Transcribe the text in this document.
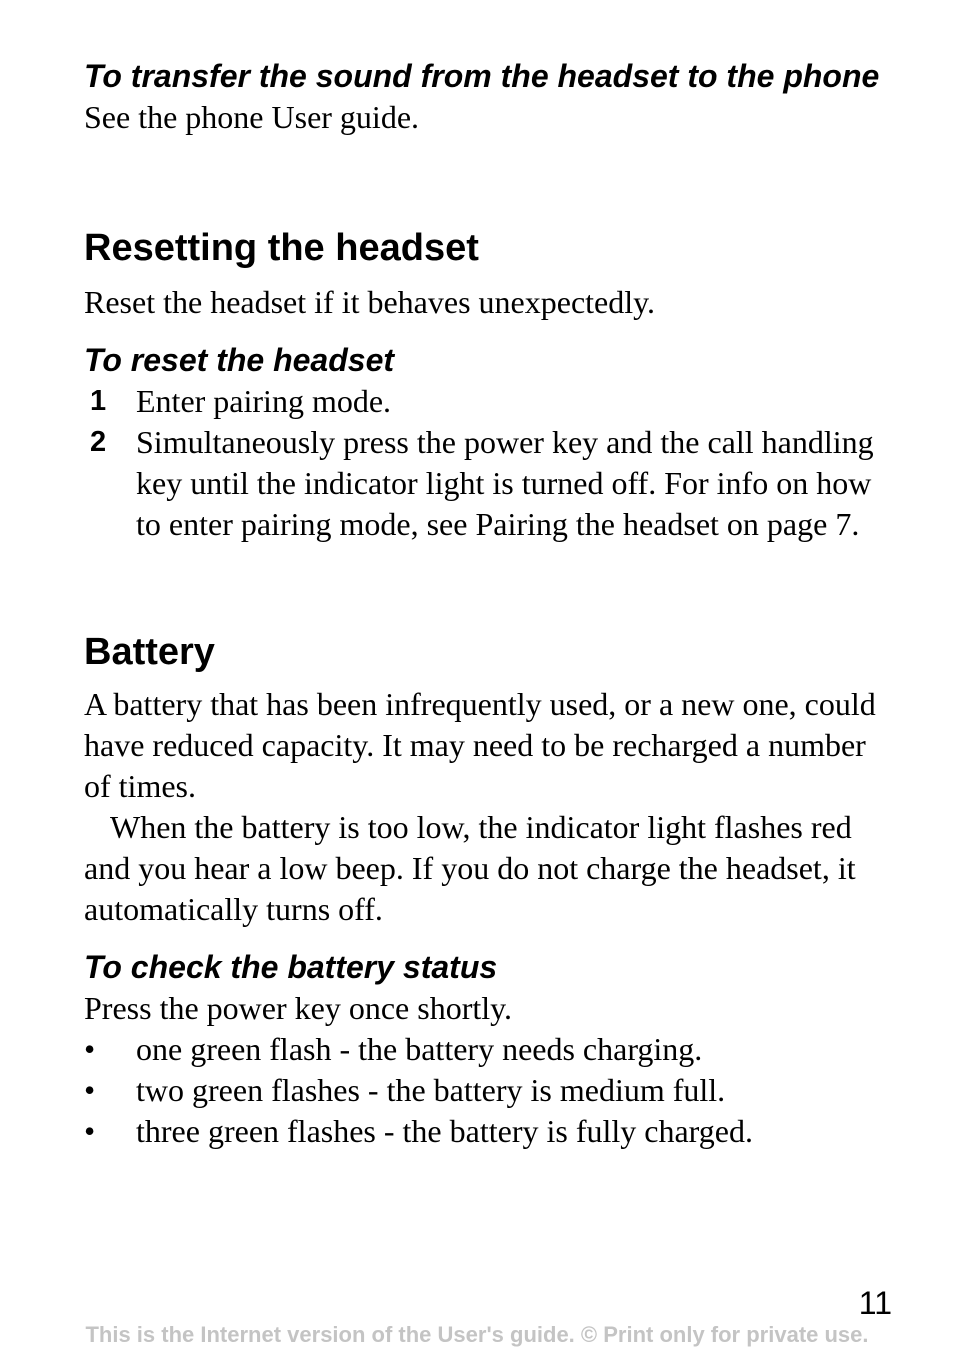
To transfer the sound from the headset to the phone

See the phone User guide.

Resetting the headset

Reset the headset if it behaves unexpectedly.

To reset the headset
1 Enter pairing mode.
2 Simultaneously press the power key and the call handling key until the indicator light is turned off. For info on how to enter pairing mode, see Pairing the headset on page 7.
Battery

A battery that has been infrequently used, or a new one, could have reduced capacity. It may need to be recharged a number of times.

When the battery is too low, the indicator light flashes red and you hear a low beep. If you do not charge the headset, it automatically turns off.

To check the battery status

Press the power key once shortly.

• one green flash - the battery needs charging.
• two green flashes - the battery is medium full.
• three green flashes - the battery is fully charged.
11
This is the Internet version of the User's guide. © Print only for private use.
